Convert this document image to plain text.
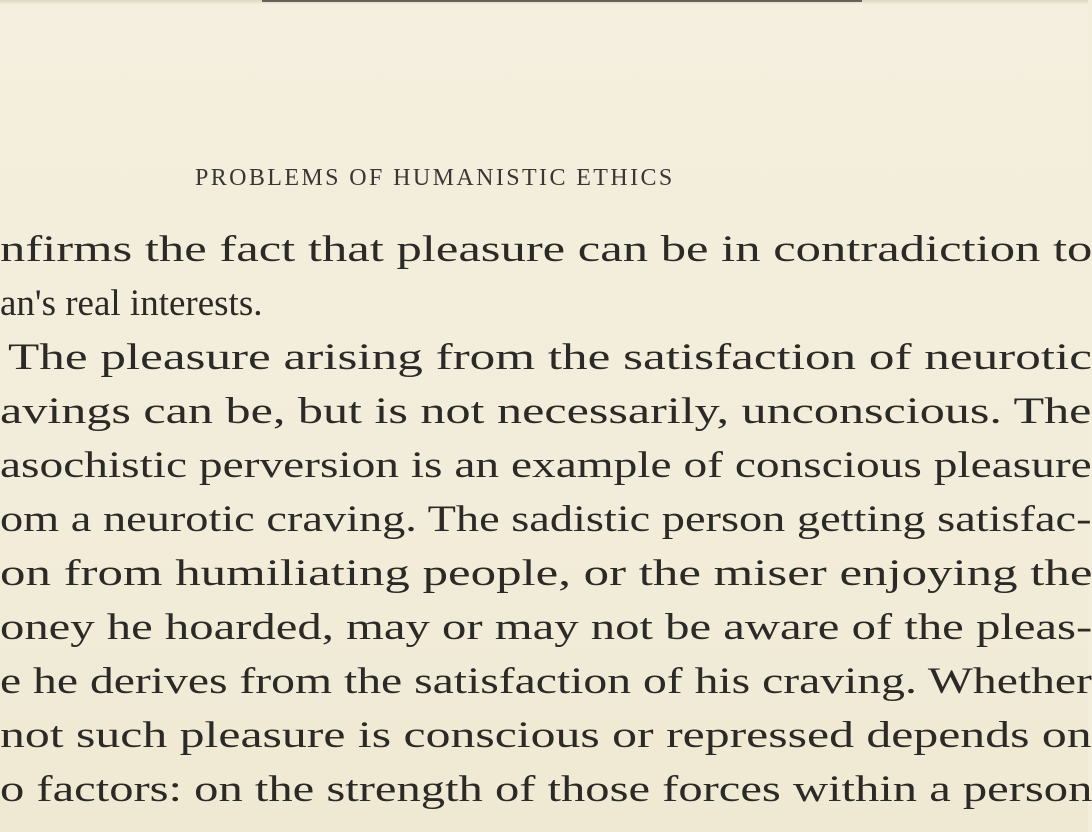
PROBLEMS OF HUMANISTIC ETHICS
nfirms the fact that pleasure can be in contradiction to
an's real interests.
The pleasure arising from the satisfaction of neurotic
avings can be, but is not necessarily, unconscious. The
asochistic perversion is an example of conscious pleasure
om a neurotic craving. The sadistic person getting satisfac-
on from humiliating people, or the miser enjoying the
oney he hoarded, may or may not be aware of the pleas-
e he derives from the satisfaction of his craving. Whether
not such pleasure is conscious or repressed depends on
o factors: on the strength of those forces within a person
